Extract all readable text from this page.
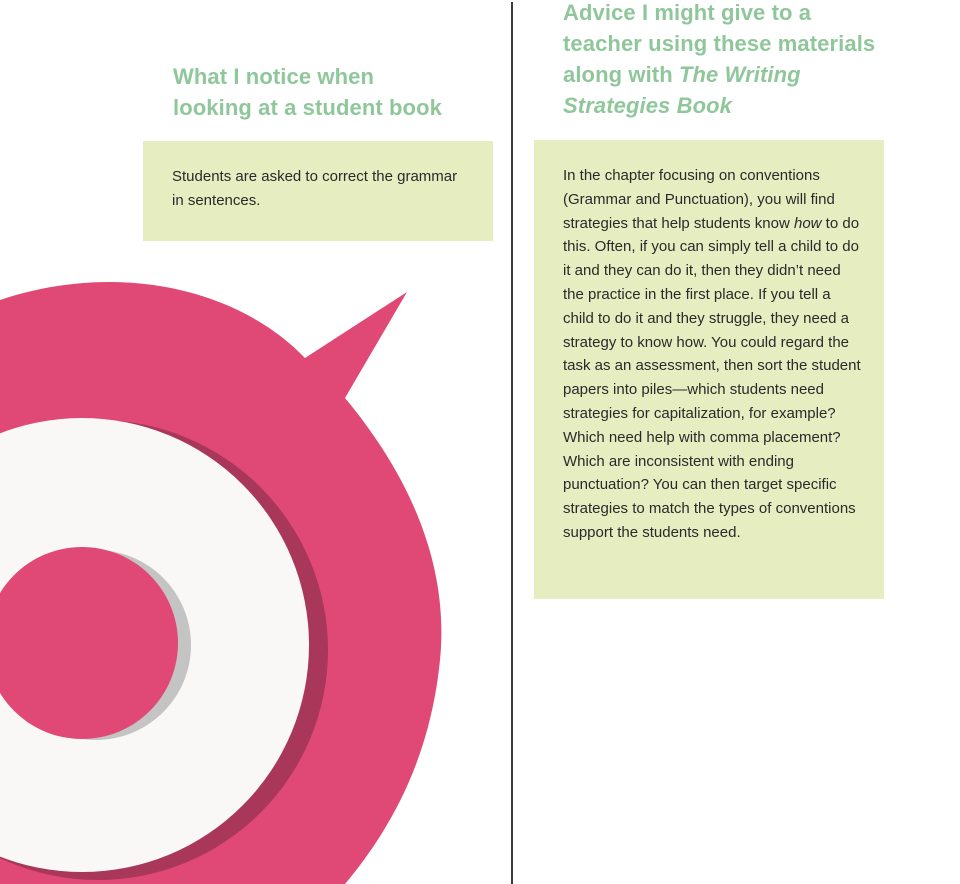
What I notice when
looking at a student book

Students are asked to correct the grammar in sentences.

Advice I might give to a
teacher using these materials
along with The Writing
Strategies Book

In the chapter focusing on conventions (Grammar and Punctuation), you will find strategies that help students know how to do this. Often, if you can simply tell a child to do it and they can do it, then they didn’t need the practice in the first place. If you tell a child to do it and they struggle, they need a strategy to know how. You could regard the task as an assessment, then sort the student papers into piles—which students need strategies for capitalization, for example? Which need help with comma placement? Which are inconsistent with ending punctuation? You can then target specific strategies to match the types of conventions support the students need.
